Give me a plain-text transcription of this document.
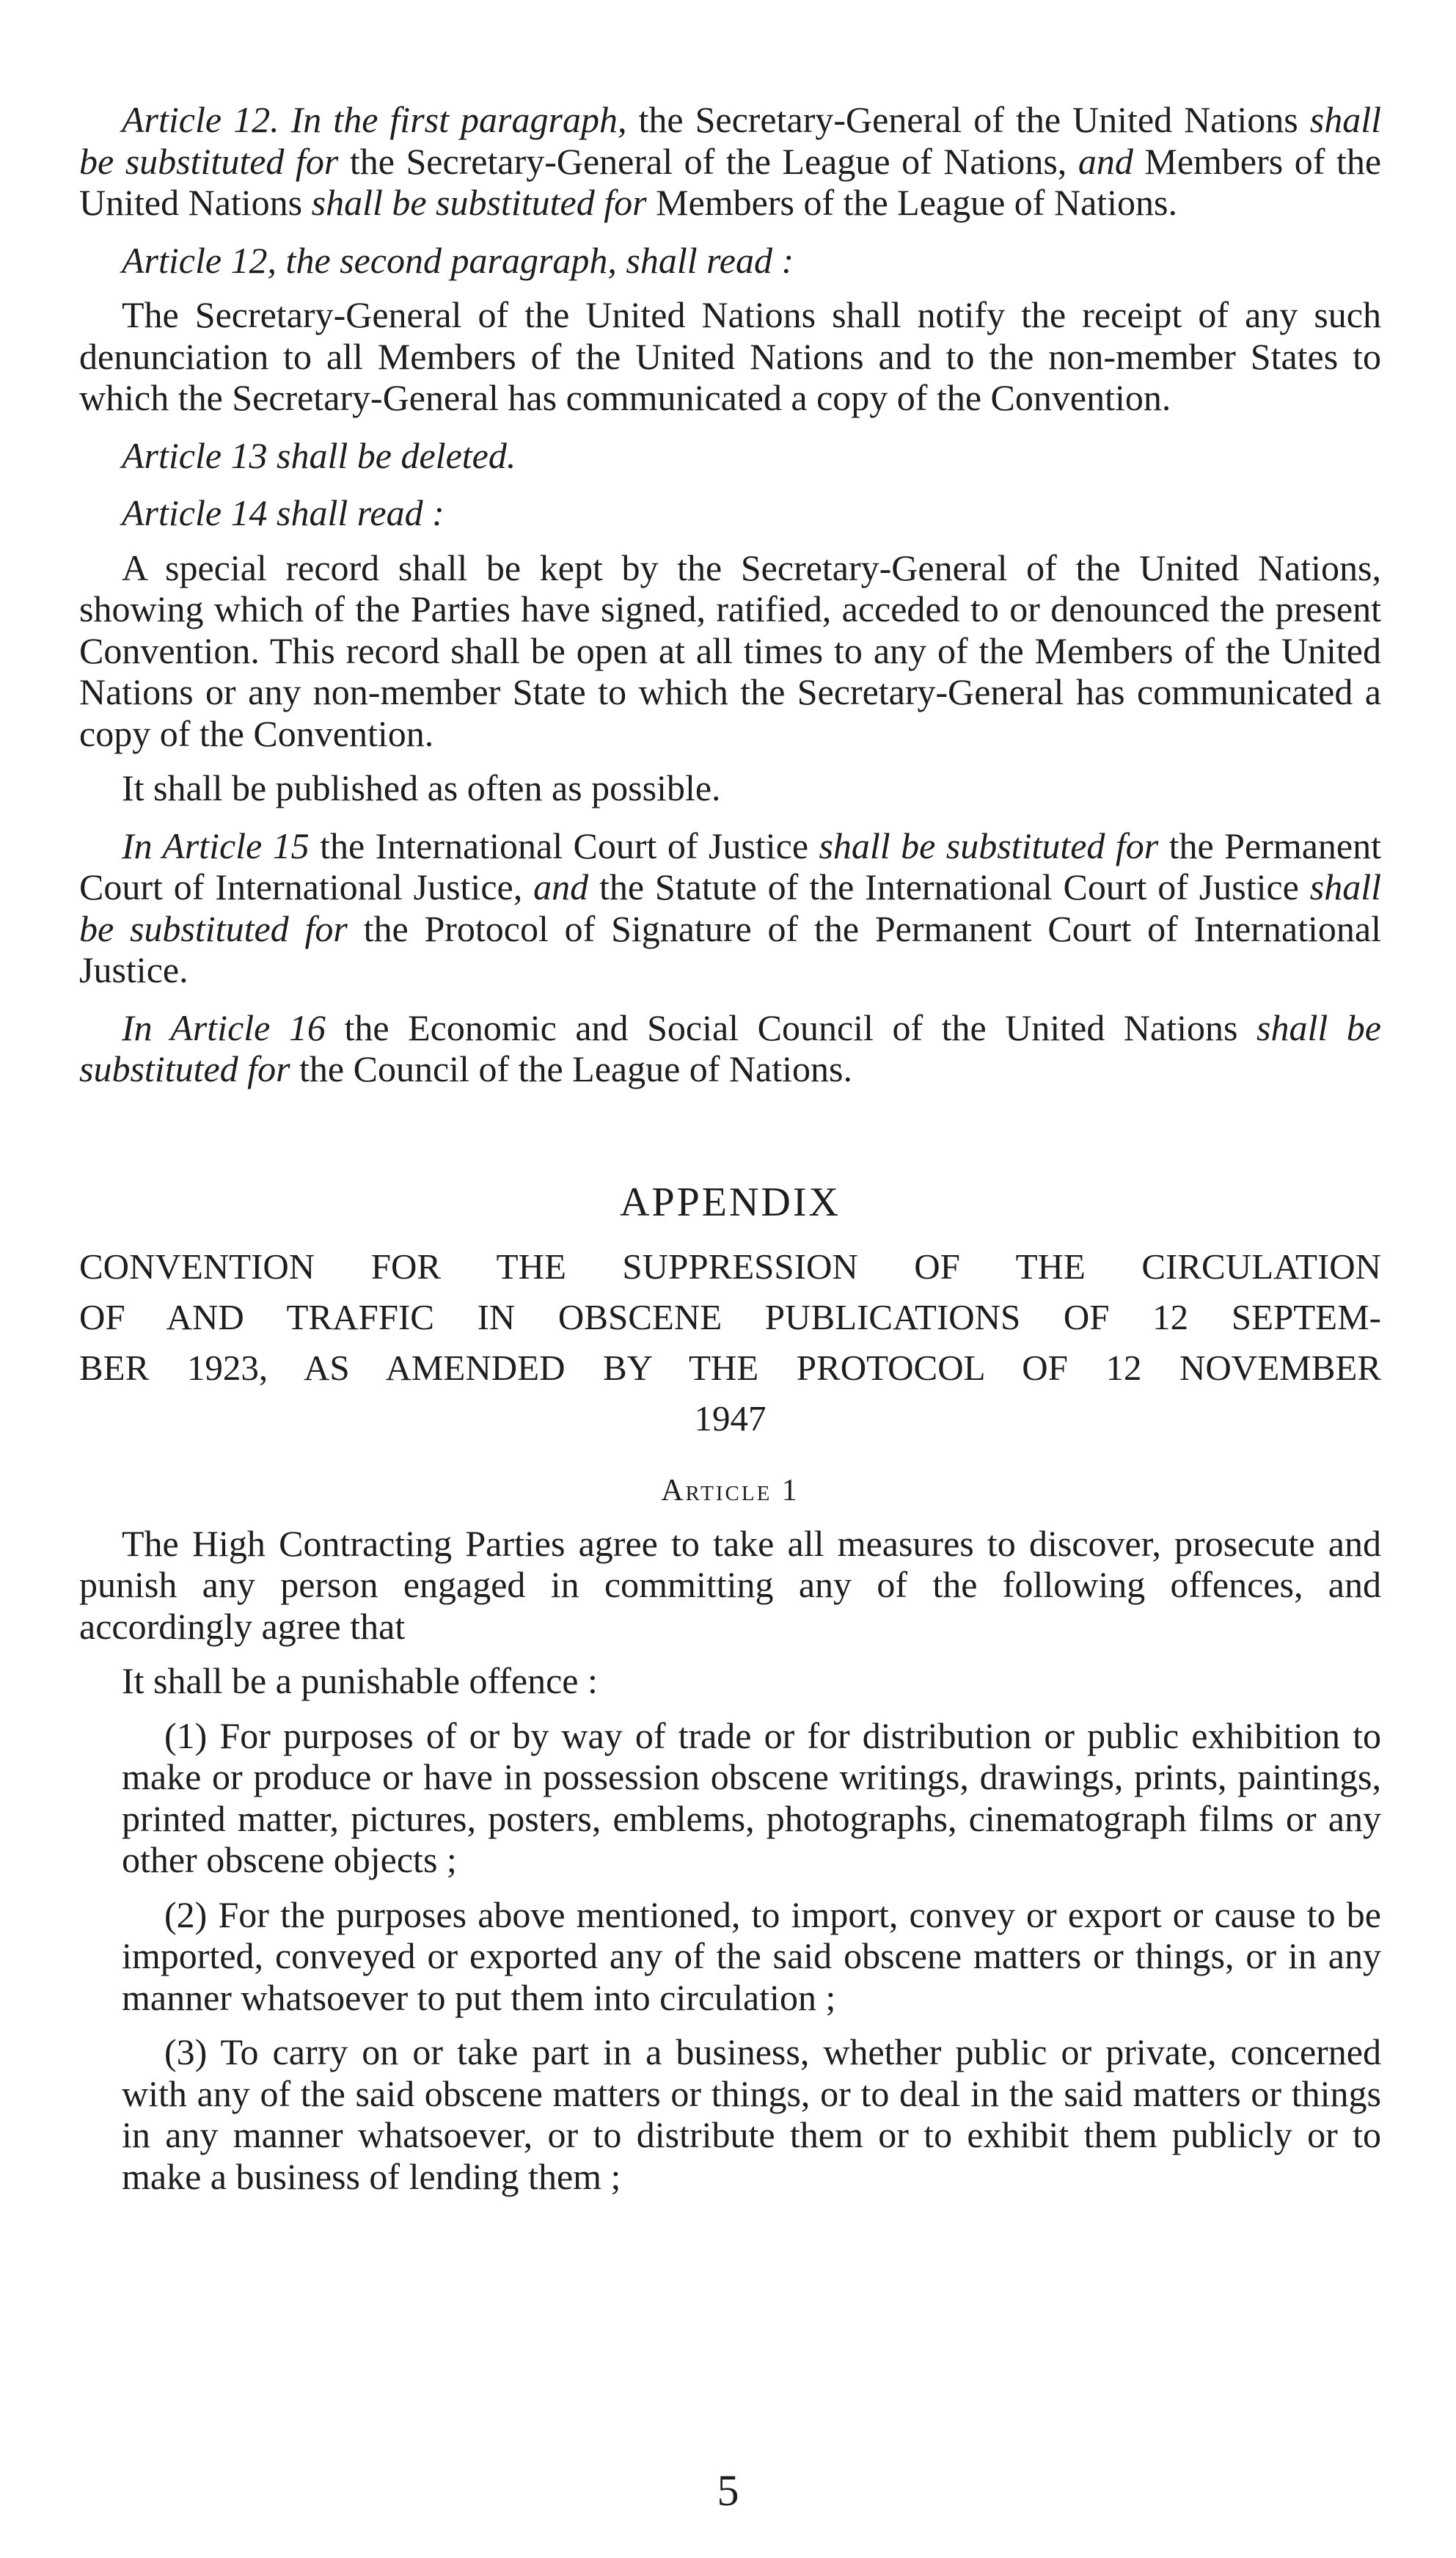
Article 12. In the first paragraph, the Secretary-General of the United Nations shall be substituted for the Secretary-General of the League of Nations, and Members of the United Nations shall be substituted for Members of the League of Nations.

Article 12, the second paragraph, shall read :

The Secretary-General of the United Nations shall notify the receipt of any such denunciation to all Members of the United Nations and to the non-member States to which the Secretary-General has communicated a copy of the Convention.

Article 13 shall be deleted.

Article 14 shall read :

A special record shall be kept by the Secretary-General of the United Nations, showing which of the Parties have signed, ratified, acceded to or denounced the present Convention. This record shall be open at all times to any of the Members of the United Nations or any non-member State to which the Secretary-General has communicated a copy of the Convention.

It shall be published as often as possible.

In Article 15 the International Court of Justice shall be substituted for the Permanent Court of International Justice, and the Statute of the International Court of Justice shall be substituted for the Protocol of Signature of the Permanent Court of International Justice.

In Article 16 the Economic and Social Council of the United Nations shall be substituted for the Council of the League of Nations.

APPENDIX
CONVENTION FOR THE SUPPRESSION OF THE CIRCULATION
OF AND TRAFFIC IN OBSCENE PUBLICATIONS OF 12 SEPTEM-
BER 1923, AS AMENDED BY THE PROTOCOL OF 12 NOVEMBER
1947
Article 1

The High Contracting Parties agree to take all measures to discover, prosecute and punish any person engaged in committing any of the following offences, and accordingly agree that

It shall be a punishable offence :

(1) For purposes of or by way of trade or for distribution or public exhibition to make or produce or have in possession obscene writings, drawings, prints, paintings, printed matter, pictures, posters, emblems, photographs, cinematograph films or any other obscene objects ;

(2) For the purposes above mentioned, to import, convey or export or cause to be imported, conveyed or exported any of the said obscene matters or things, or in any manner whatsoever to put them into circulation ;

(3) To carry on or take part in a business, whether public or private, concerned with any of the said obscene matters or things, or to deal in the said matters or things in any manner whatsoever, or to distribute them or to exhibit them publicly or to make a business of lending them ;

5
